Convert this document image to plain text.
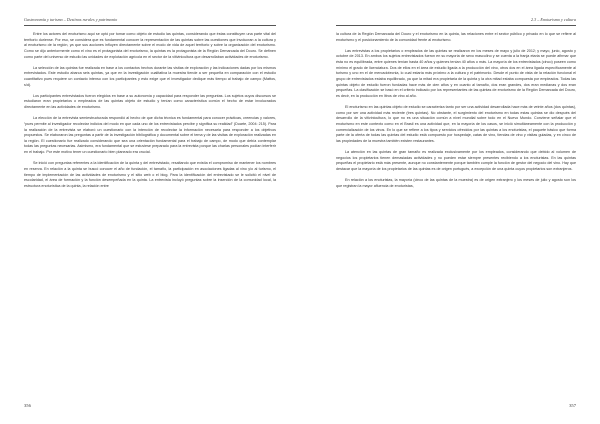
Gastronomía y turismo – Destinos rurales y patrimonio

Entre los actores del enoturismo aquí se optó por tomar como objeto de estudio las quintas, considerando que éstas constituyen una parte vital del territorio duriense. Por eso, se considera que es fundamental conocer la representación de las quintas sobre las cuestiones que involucran a la cultura y al enoturismo de la región, ya que sus acciones influyen directamente sobre el modo de vida de aquel territorio y sobre la organización del enoturismo. Como se dijo anteriormente como el vino es el protagonista del enoturismo, la quintas es la protagonista de la Región Demarcada del Douro. Se definen como parte del universo de estudio las unidades de explotación agrícola en el sector de la vitivinicultura que desarrollaban actividades de enoturismo.

La selección de las quintas fue realizada en base a los contactos hechos durante las visitas de exploración y las indicaciones dadas por los mismos entrevistados. Este estudio abarca seis quintas, ya que en la investigación cualitativa la muestra tiende a ser pequeña en comparación con el estudio cuantitativo pues requiere un contacto intenso con los participantes y esto exige que el investigador dedique más tiempo al trabajo de campo (Mattos, s/d).

Los participantes entrevistados fueron elegidos en base a su autonomía y capacidad para responder las preguntas. Los sujetos cuyos discursos se estudiaron eran propietarios o empleados de las quintas objeto de estudio y tenían como característica común el hecho de estar involucrados directamente en las actividades de enoturismo.

La elección de la entrevista semiestructurada respondió al hecho de que dicha técnica es fundamental para conocer prácticas, creencias y valores, “pues permite al investigador recolectar indicios del modo en que cada uno de los entrevistados percibe y significa su realidad” (Duarte, 2004: 215). Para la realización de la entrevista se elaboró un cuestionario con la intención de recolectar la información necesaria para responder a los objetivos propuestos. Se elaboraron las preguntas a partir de la investigación bibliográfica y documental sobre el tema y de las visitas de exploración realizadas en la región. El cuestionario fue realizado considerando que sea una orientación fundamental para el trabajo de campo, de modo que debía contemplar todas las preguntas necesarias. Asimismo, era fundamental que se estuviese preparado para la entrevista porque las charlas personales podían interferir en el trabajo. Por este motivo tener un cuestionario bien planeado era crucial.

Se inició con preguntas referentes a la identificación de la quinta y del entrevistado, resaltando que existía el compromiso de mantener los nombres en reserva. En relación a la quinta se buscó conocer el año de fundación, el tamaño, la participación en asociaciones ligadas al vino y/o al turismo, el tiempo de implementación de las actividades de enoturismo y el sitio web o el blog. Para la identificación del entrevistado se le solicitó el nivel de escolaridad, el área de formación y la función desempeñada en la quinta. La entrevista incluyó preguntas sobre la inserción de la comunidad local, la estructura enoturística de la quinta, la relación entre

356
2.3 – Enoturismo y cultura

la cultura de la Región Demarcada del Douro y el enoturismo en la quinta, las relaciones entre el sector público y privado en lo que se refiere al enoturismo y el posicionamiento de la comunidad frente al enoturismo.

Las entrevistas a los propietarios o empleados de las quintas se realizaron en los meses de mayo y julio de 2012; y mayo, junio, agosto y octubre de 2013. En ambos los sujetos entrevistados fueron en su mayoría de sexo masculino y se cuenta a la franja etaria se puede afirmar que ésta no es equilibrada, entre quienes tenían hasta 40 años y quienes tenían 40 años o más. La mayoría de los entrevistados (cinco) poseen como mínimo el grado de licenciatura. Dos de ellos en el área de estudio ligada a la producción del vino, otros dos en el área ligada específicamente al turismo y uno en el de mercadotecnia, lo cual estaría más próximo a la cultura y el patrimonio. Desde el punto de vista de la relación funcional el grupo de entrevistados estaba equilibrado, ya que la mitad era propietaria de la quinta y la otra mitad estaba compuesta por empleados. Todas las quintas objeto de estudio fueron fundadas hace más de cien años y en cuanto al tamaño, dos eran grandes, dos eran medianas y dos eran pequeñas. La clasificación se basó en el criterio indicado por los representantes de las quintas de enoturismo de la Región Demarcada del Douro, es decir, en la producción en litros de vino al año.

El enoturismo en las quintas objeto de estudio se caracteriza tanto por ser una actividad desarrollada hace más de veinte años (dos quintas), como por ser una actividad más reciente (tres quintas). No obstante, el surgimiento del enoturismo en todas estas quintas se dio después del desarrollo de la vitivinicultura, lo que no es una situación común a nivel mundial sobre todo en el Nuevo Mundo. Conviene señalar que el enoturismo en este contexto como en el Brasil es una actividad que, en la mayoría de los casos, se inició simultáneamente con la producción y comercialización de los vinos. En lo que se refiere a los tipos y servicios ofrecidos por las quintas a los enoturistas, el paquete básico que forma parte de la oferta de todas las quintas del estudio está compuesto por hospedaje, catas de vino, tiendas de vino y visitas guiadas, y en cinco de las propiedades de la muestra también existen restaurantes.

La atención en las quintas de gran tamaño es realizada exclusivamente por los empleados, considerando que debido al volumen de negocios los propietarios tienen demasiadas actividades y no pueden estar siempre presentes recibiendo a los enoturistas. En las quintas pequeñas el propietario está más presente, aunque no constantemente porque también cumple la función de gestor del negocio del vino. Hay que destacar que la mayoría de los propietarios de las quintas es de origen portugués, a excepción de una quinta cuyos propietarios son extranjeros.

En relación a los enoturistas, la mayoría (cinco de las quintas de la muestra) es de origen extranjero y los meses de julio y agosto son los que registran la mayor afluencia de enoturistas,

357
